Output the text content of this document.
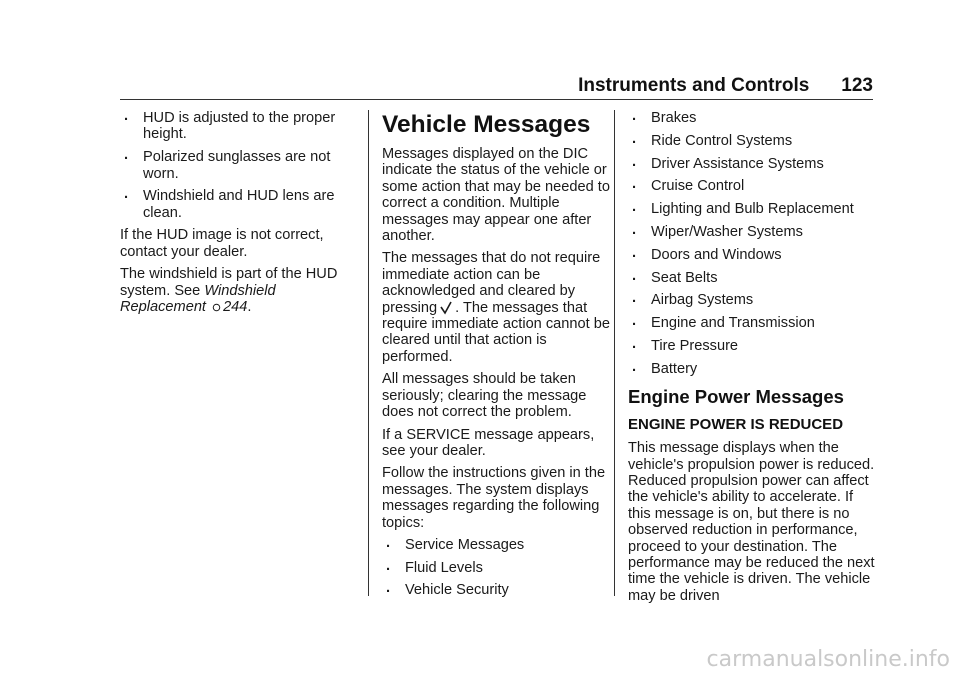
Instruments and Controls 123
. HUD is adjusted to the proper height.
. Polarized sunglasses are not worn.
. Windshield and HUD lens are clean.

If the HUD image is not correct, contact your dealer.

The windshield is part of the HUD system. See Windshield Replacement 244.

Vehicle Messages

Messages displayed on the DIC indicate the status of the vehicle or some action that may be needed to correct a condition. Multiple messages may appear one after another.

The messages that do not require immediate action can be acknowledged and cleared by pressing . The messages that require immediate action cannot be cleared until that action is performed.

All messages should be taken seriously; clearing the message does not correct the problem.

If a SERVICE message appears, see your dealer.

Follow the instructions given in the messages. The system displays messages regarding the following topics:

. Service Messages
. Fluid Levels
. Vehicle Security
. Brakes
. Ride Control Systems
. Driver Assistance Systems
. Cruise Control
. Lighting and Bulb Replacement
. Wiper/Washer Systems
. Doors and Windows
. Seat Belts
. Airbag Systems
. Engine and Transmission
. Tire Pressure
. Battery
Engine Power Messages
ENGINE POWER IS REDUCED

This message displays when the vehicle's propulsion power is reduced. Reduced propulsion power can affect the vehicle's ability to accelerate. If this message is on, but there is no observed reduction in performance, proceed to your destination. The performance may be reduced the next time the vehicle is driven. The vehicle may be driven

carmanualsonline.info
